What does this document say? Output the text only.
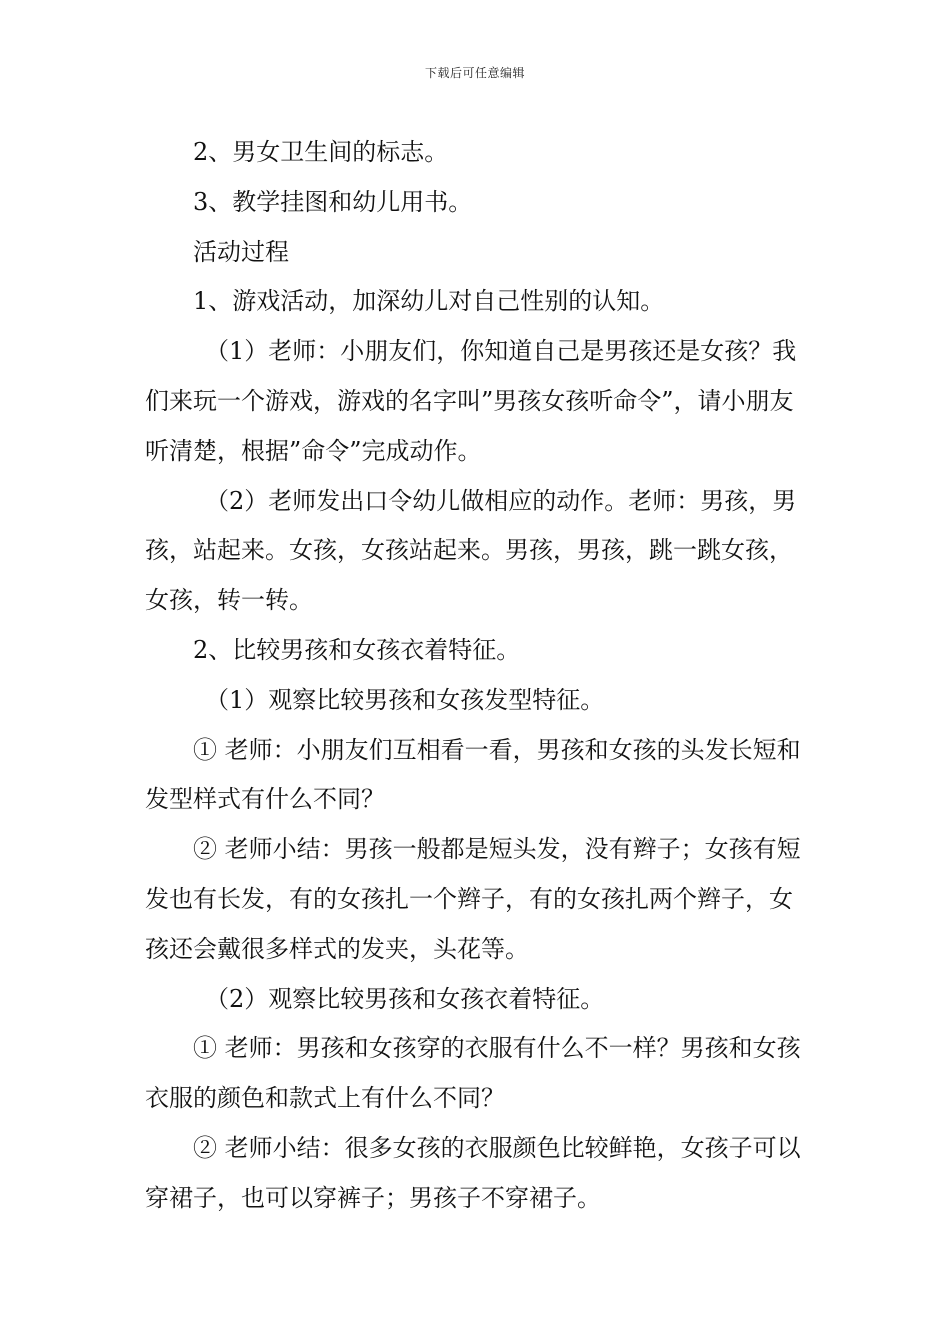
下载后可任意编辑

2、男女卫生间的标志。

3、教学挂图和幼儿用书。

活动过程

1、游戏活动，加深幼儿对自己性别的认知。

（1）老师：小朋友们，你知道自己是男孩还是女孩？我们来玩一个游戏，游戏的名字叫”男孩女孩听命令”，请小朋友听清楚，根据”命令”完成动作。

（2）老师发出口令幼儿做相应的动作。老师：男孩，男孩，站起来。女孩，女孩站起来。男孩，男孩，跳一跳女孩，女孩，转一转。

2、比较男孩和女孩衣着特征。

（1）观察比较男孩和女孩发型特征。

① 老师：小朋友们互相看一看，男孩和女孩的头发长短和发型样式有什么不同？

② 老师小结：男孩一般都是短头发，没有辫子；女孩有短发也有长发，有的女孩扎一个辫子，有的女孩扎两个辫子，女孩还会戴很多样式的发夹，头花等。

（2）观察比较男孩和女孩衣着特征。

① 老师：男孩和女孩穿的衣服有什么不一样？男孩和女孩衣服的颜色和款式上有什么不同？

② 老师小结：很多女孩的衣服颜色比较鲜艳，女孩子可以穿裙子，也可以穿裤子；男孩子不穿裙子。
